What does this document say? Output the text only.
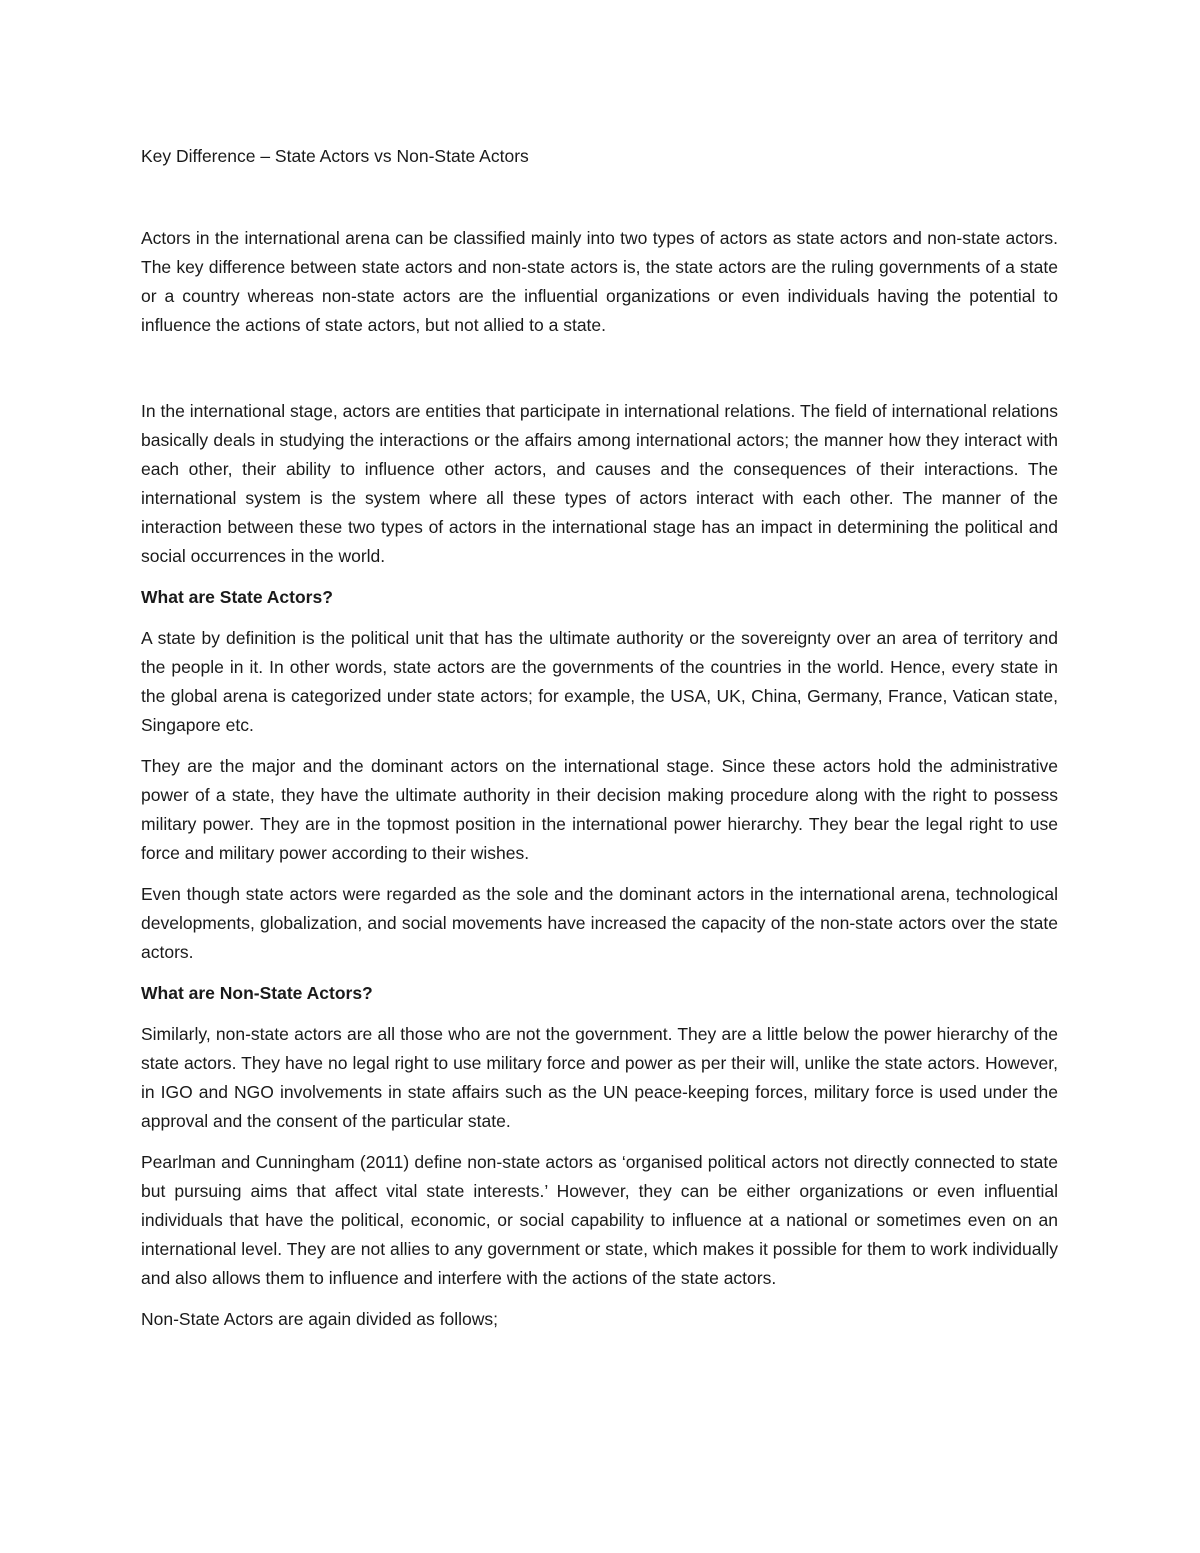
Key Difference – State Actors vs Non-State Actors

Actors in the international arena can be classified mainly into two types of actors as state actors and non-state actors. The key difference between state actors and non-state actors is, the state actors are the ruling governments of a state or a country whereas non-state actors are the influential organizations or even individuals having the potential to influence the actions of state actors, but not allied to a state.

In the international stage, actors are entities that participate in international relations. The field of international relations basically deals in studying the interactions or the affairs among international actors; the manner how they interact with each other, their ability to influence other actors, and causes and the consequences of their interactions. The international system is the system where all these types of actors interact with each other. The manner of the interaction between these two types of actors in the international stage has an impact in determining the political and social occurrences in the world.

What are State Actors?

A state by definition is the political unit that has the ultimate authority or the sovereignty over an area of territory and the people in it. In other words, state actors are the governments of the countries in the world. Hence, every state in the global arena is categorized under state actors; for example, the USA, UK, China, Germany, France, Vatican state, Singapore etc.

They are the major and the dominant actors on the international stage. Since these actors hold the administrative power of a state, they have the ultimate authority in their decision making procedure along with the right to possess military power. They are in the topmost position in the international power hierarchy. They bear the legal right to use force and military power according to their wishes.

Even though state actors were regarded as the sole and the dominant actors in the international arena, technological developments, globalization, and social movements have increased the capacity of the non-state actors over the state actors.

What are Non-State Actors?

Similarly, non-state actors are all those who are not the government. They are a little below the power hierarchy of the state actors. They have no legal right to use military force and power as per their will, unlike the state actors. However, in IGO and NGO involvements in state affairs such as the UN peace-keeping forces, military force is used under the approval and the consent of the particular state.

Pearlman and Cunningham (2011) define non-state actors as ‘organised political actors not directly connected to state but pursuing aims that affect vital state interests.’ However, they can be either organizations or even influential individuals that have the political, economic, or social capability to influence at a national or sometimes even on an international level. They are not allies to any government or state, which makes it possible for them to work individually and also allows them to influence and interfere with the actions of the state actors.

Non-State Actors are again divided as follows;
